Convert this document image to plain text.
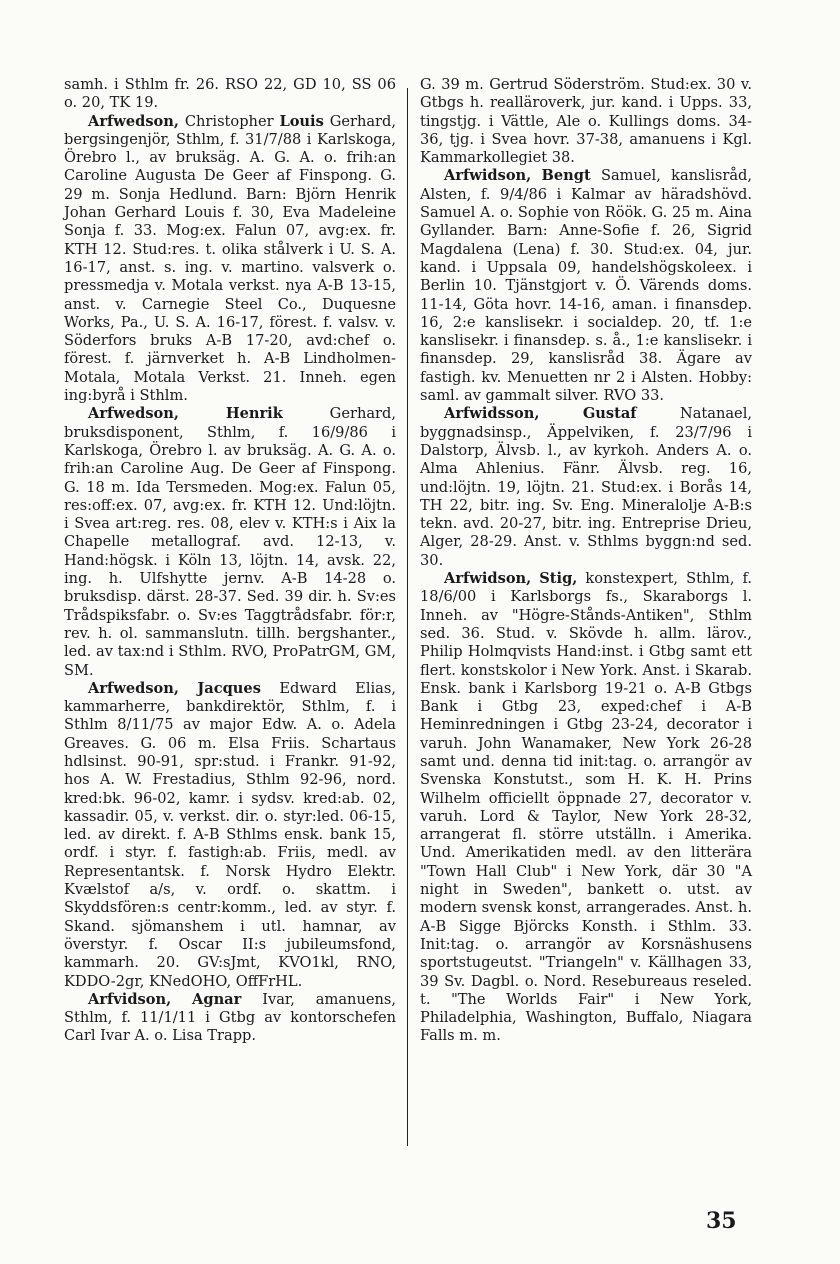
samh. i Sthlm fr. 26. RSO 22, GD 10, SS 06 o. 20, TK 19.

Arfwedson, Christopher Louis Gerhard, bergsingenjör, Sthlm, f. 31/7/88 i Karlskoga, Örebro l., av bruksäg. A. G. A. o. frih:an Caroline Augusta De Geer af Finspong. G. 29 m. Sonja Hedlund. Barn: Björn Henrik Johan Gerhard Louis f. 30, Eva Madeleine Sonja f. 33. Mog:ex. Falun 07, avg:ex. fr. KTH 12. Stud:res. t. olika stålverk i U. S. A. 16-17, anst. s. ing. v. martino. valsverk o. pressmedja v. Motala verkst. nya A-B 13-15, anst. v. Carnegie Steel Co., Duquesne Works, Pa., U. S. A. 16-17, förest. f. valsv. v. Söderfors bruks A-B 17-20, avd:chef o. förest. f. järnverket h. A-B Lindholmen-Motala, Motala Verkst. 21. Inneh. egen ing:byrå i Sthlm.

Arfwedson,	Henrik	Gerhard, bruksdisponent, Sthlm, f. 16/9/86 i Karlskoga, Örebro l. av bruksäg. A. G. A. o. frih:an Caroline Aug. De Geer af Finspong. G. 18 m. Ida Tersmeden. Mog:ex. Falun 05, res:off:ex. 07, avg:ex. fr. KTH 12. Und:löjtn. i Svea art:reg. res. 08, elev v. KTH:s i Aix la Chapelle metallograf. avd. 12-13, v. Hand:högsk. i Köln 13, löjtn. 14, avsk. 22, ing. h. Ulfshytte jernv. A-B 14-28 o. bruksdisp. därst. 28-37. Sed. 39 dir. h. Sv:es Trådspiksfabr. o. Sv:es Taggtrådsfabr. för:r, rev. h. ol. sammanslutn. tillh. bergshanter., led. av tax:nd i Sthlm. RVO, ProPatrGM, GM, SM.

Arfwedson, Jacques Edward Elias, kammarherre, bankdirektör, Sthlm, f. i Sthlm 8/11/75 av major Edw. A. o. Adela Greaves. G. 06 m. Elsa Friis. Schartaus hdlsinst. 90-91, spr:stud. i Frankr. 91-92, hos A. W. Frestadius, Sthlm 92-96, nord. kred:bk. 96-02, kamr. i sydsv. kred:ab. 02, kassadir. 05, v. verkst. dir. o. styr:led. 06-15, led. av direkt. f. A-B Sthlms ensk. bank 15, ordf. i styr. f. fastigh:ab. Friis, medl. av Representantsk. f. Norsk Hydro Elektr. Kvælstof a/s, v. ordf. o. skattm. i Skyddsfören:s centr:komm., led. av styr. f. Skand. sjömanshem i utl. hamnar, av överstyr. f. Oscar II:s jubileumsfond, kammarh. 20. GV:sJmt, KVO1kl, RNO, KDDO-2gr, KNedOHO, OffFrHL.

Arfvidson, Agnar Ivar, amanuens, Sthlm, f. 11/1/11 i Gtbg av kontorschefen Carl Ivar A. o. Lisa Trapp.

G. 39 m. Gertrud Söderström. Stud:ex. 30 v. Gtbgs h. realläroverk, jur. kand. i Upps. 33, tingstjg. i Vättle, Ale o. Kullings doms. 34-36, tjg. i Svea hovr. 37-38, amanuens i Kgl. Kammarkollegiet 38.

Arfwidson, Bengt Samuel, kanslisråd, Alsten, f. 9/4/86 i Kalmar av häradshövd. Samuel A. o. Sophie von Röök. G. 25 m. Aina Gyllander. Barn: Anne-Sofie f. 26, Sigrid Magdalena (Lena) f. 30. Stud:ex. 04, jur. kand. i Uppsala 09, handelshögskoleex. i Berlin 10. Tjänstgjort v. Ö. Värends doms. 11-14, Göta hovr. 14-16, aman. i finansdep. 16, 2:e kanslisekr. i socialdep. 20, tf. 1:e kanslisekr. i finansdep. s. å., 1:e kanslisekr. i finansdep. 29, kanslisråd 38. Ägare av fastigh. kv. Menuetten nr 2 i Alsten. Hobby: saml. av gammalt silver. RVO 33.

Arfwidsson,	Gustaf	Natanael, byggnadsinsp., Äppelviken, f. 23/7/96 i Dalstorp, Älvsb. l., av kyrkoh. Anders A. o. Alma Ahlenius. Fänr. Älvsb. reg. 16, und:löjtn. 19, löjtn. 21. Stud:ex. i Borås 14, TH 22, bitr. ing. Sv. Eng. Mineralolje A-B:s tekn. avd. 20-27, bitr. ing. Entreprise Drieu, Alger, 28-29. Anst. v. Sthlms byggn:nd sed. 30.

Arfwidson, Stig, konstexpert, Sthlm, f. 18/6/00 i Karlsborgs fs., Skaraborgs l. Inneh. av "Högre-Stånds-Antiken", Sthlm sed. 36. Stud. v. Skövde h. allm. lärov., Philip Holmqvists Hand:inst. i Gtbg samt ett flert. konstskolor i New York. Anst. i Skarab. Ensk. bank i Karlsborg 19-21 o. A-B Gtbgs Bank i Gtbg 23, exped:chef i A-B Heminredningen i Gtbg 23-24, decorator i varuh. John Wanamaker, New York 26-28 samt und. denna tid init:tag. o. arrangör av Svenska Konstutst., som H. K. H. Prins Wilhelm officiellt öppnade 27, decorator v. varuh. Lord & Taylor, New York 28-32, arrangerat fl. större utställn. i Amerika. Und. Amerikatiden medl. av den litterära "Town Hall Club" i New York, där 30 "A night in Sweden", bankett o. utst. av modern svensk konst, arrangerades. Anst. h. A-B Sigge Björcks Konsth. i Sthlm. 33. Init:tag. o. arrangör av Korsnäshusens sportstugeutst. "Triangeln" v. Källhagen 33, 39 Sv. Dagbl. o. Nord. Resebureaus reseled. t. "The Worlds Fair" i New York, Philadelphia, Washington, Buffalo, Niagara Falls m. m.

35
